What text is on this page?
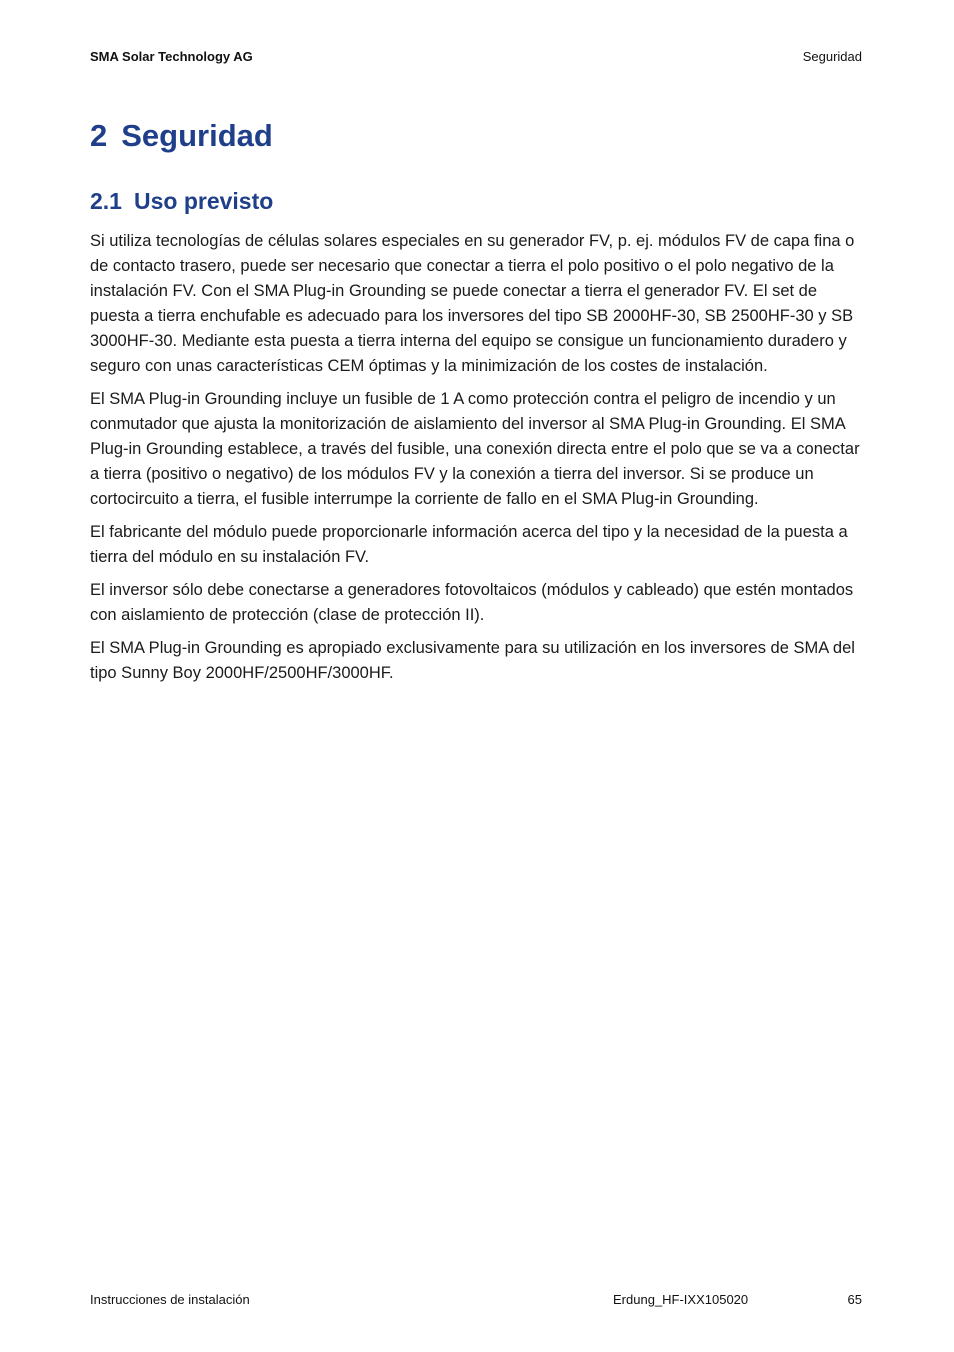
SMA Solar Technology AG	Seguridad
2 Seguridad
2.1 Uso previsto

Si utiliza tecnologías de células solares especiales en su generador FV, p. ej. módulos FV de capa fina o de contacto trasero, puede ser necesario que conectar a tierra el polo positivo o el polo negativo de la instalación FV. Con el SMA Plug-in Grounding se puede conectar a tierra el generador FV. El set de puesta a tierra enchufable es adecuado para los inversores del tipo SB 2000HF-30, SB 2500HF-30 y SB 3000HF-30. Mediante esta puesta a tierra interna del equipo se consigue un funcionamiento duradero y seguro con unas características CEM óptimas y la minimización de los costes de instalación.

El SMA Plug-in Grounding incluye un fusible de 1 A como protección contra el peligro de incendio y un conmutador que ajusta la monitorización de aislamiento del inversor al SMA Plug-in Grounding. El SMA Plug-in Grounding establece, a través del fusible, una conexión directa entre el polo que se va a conectar a tierra (positivo o negativo) de los módulos FV y la conexión a tierra del inversor. Si se produce un cortocircuito a tierra, el fusible interrumpe la corriente de fallo en el SMA Plug-in Grounding.

El fabricante del módulo puede proporcionarle información acerca del tipo y la necesidad de la puesta a tierra del módulo en su instalación FV.

El inversor sólo debe conectarse a generadores fotovoltaicos (módulos y cableado) que estén montados con aislamiento de protección (clase de protección II).

El SMA Plug-in Grounding es apropiado exclusivamente para su utilización en los inversores de SMA del tipo Sunny Boy 2000HF/2500HF/3000HF.

Instrucciones de instalación	Erdung_HF-IXX105020	65
